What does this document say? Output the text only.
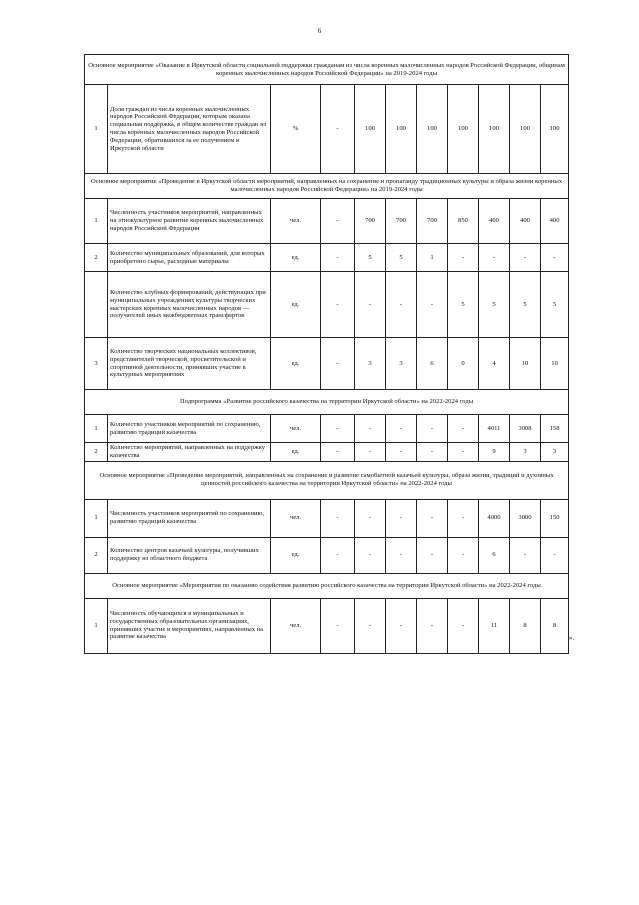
6
Основное мероприятие «Оказание в Иркутской области социальной поддержки гражданам из числа коренных малочисленных народов Российской Федерации, общинам коренных малочисленных народов Российской Федерации» на 2019-2024 годы										
1	Доля граждан из числа коренных малочисленных народов Российской Федерации, которым оказана социальная поддержка, в общем количестве граждан из числа коренных малочисленных народов Российской Федерации, обратившихся за ее получением в Иркутской области	%	-	100	100	100	100	100	100	100
Основное мероприятие «Проведение в Иркутской области мероприятий, направленных на сохранение и пропаганду традиционных культуры и образа жизни коренных малочисленных народов Российской Федерации» на 2019-2024 годы										
1	Численность участников мероприятий, направленных на этнокультурное развитие коренных малочисленных народов Российской Федерации	чел.	-	700	700	700	850	400	400	400
2	Количество муниципальных образований, для которых приобретено сырье, расходные материалы	ед.	-	5	5	1	-	-	-	-
	Количество клубных формирований, действующих при муниципальных учреждениях культуры творческих мастерских коренных малочисленных народов — получателей иных межбюджетных трансфертов	ед.	-	-	-	-	5	5	5	5
3	Количество творческих национальных коллективов, представителей творческой, просветительской и спортивной деятельности, принявших участие в культурных мероприятиях	ед.	-	3	3	6	0	4	10	10
Подпрограмма «Развитие российского казачества на территории Иркутской области» на 2022-2024 годы										
1	Количество участников мероприятий по сохранению, развитию традиций казачества	чел.	-	-	-	-	-	4011	3008	158
2	Количество мероприятий, направленных на поддержку казачества	ед.	-	-	-	-	-	9	3	3
Основное мероприятие «Проведение мероприятий, направленных на сохранение и развитие самобытной казачьей культуры, образа жизни, традиций и духовных ценностей российского казачества на территории Иркутской области» на 2022-2024 годы										
1	Численность участников мероприятий по сохранению, развитию традиций казачества	чел.	-	-	-	-	-	4000	3000	150
2	Количество центров казачьей культуры, получивших поддержку из областного бюджета	ед.	-	-	-	-	-	6	-	-
Основное мероприятие «Мероприятия по оказанию содействия развитию российского казачества на территории Иркутской области» на 2022-2024 годы										
1	Численность обучающихся в муниципальных и государственных образовательных организациях, принявших участие в мероприятиях, направленных на развитие казачества	чел.	-	-	-	-	-	11	8	8
».
